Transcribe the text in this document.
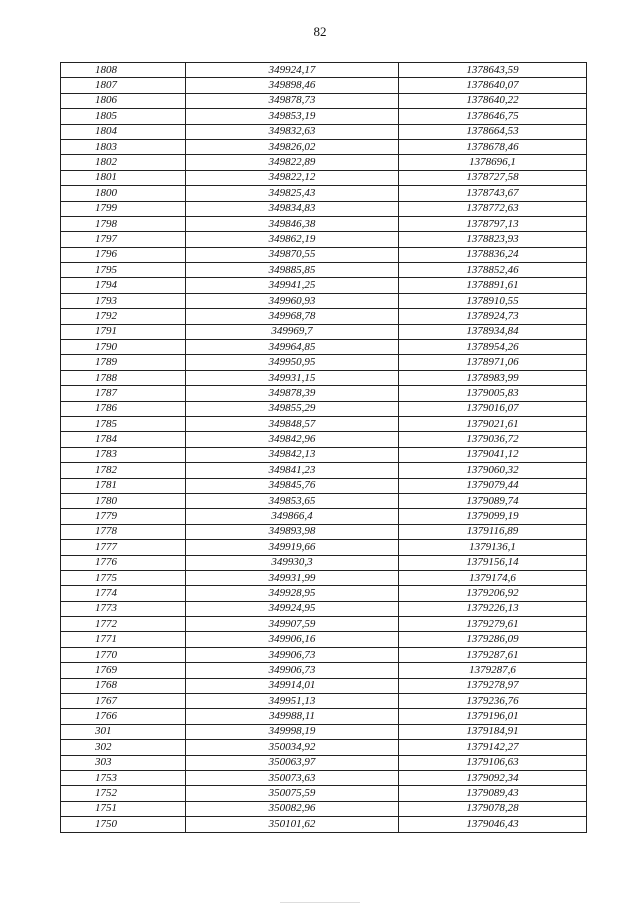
82
1808	349924,17	1378643,59
1807	349898,46	1378640,07
1806	349878,73	1378640,22
1805	349853,19	1378646,75
1804	349832,63	1378664,53
1803	349826,02	1378678,46
1802	349822,89	1378696,1
1801	349822,12	1378727,58
1800	349825,43	1378743,67
1799	349834,83	1378772,63
1798	349846,38	1378797,13
1797	349862,19	1378823,93
1796	349870,55	1378836,24
1795	349885,85	1378852,46
1794	349941,25	1378891,61
1793	349960,93	1378910,55
1792	349968,78	1378924,73
1791	349969,7	1378934,84
1790	349964,85	1378954,26
1789	349950,95	1378971,06
1788	349931,15	1378983,99
1787	349878,39	1379005,83
1786	349855,29	1379016,07
1785	349848,57	1379021,61
1784	349842,96	1379036,72
1783	349842,13	1379041,12
1782	349841,23	1379060,32
1781	349845,76	1379079,44
1780	349853,65	1379089,74
1779	349866,4	1379099,19
1778	349893,98	1379116,89
1777	349919,66	1379136,1
1776	349930,3	1379156,14
1775	349931,99	1379174,6
1774	349928,95	1379206,92
1773	349924,95	1379226,13
1772	349907,59	1379279,61
1771	349906,16	1379286,09
1770	349906,73	1379287,61
1769	349906,73	1379287,6
1768	349914,01	1379278,97
1767	349951,13	1379236,76
1766	349988,11	1379196,01
301	349998,19	1379184,91
302	350034,92	1379142,27
303	350063,97	1379106,63
1753	350073,63	1379092,34
1752	350075,59	1379089,43
1751	350082,96	1379078,28
1750	350101,62	1379046,43
